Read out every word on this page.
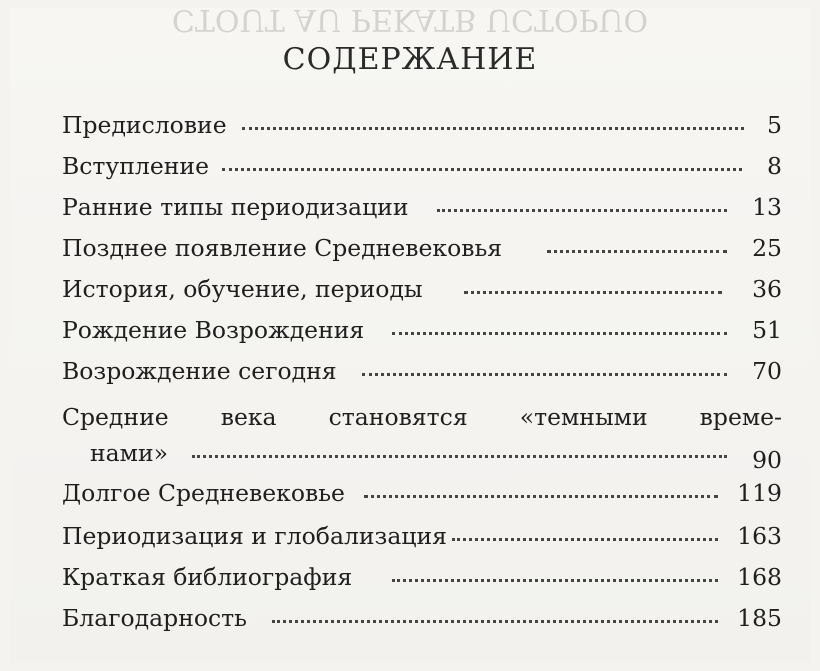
CTOUT AU PEKATB UCTOPUO
СОДЕРЖАНИЕ
Предисловие	5
Вступление	8
Ранние типы периодизации	13
Позднее появление Средневековья	25
История, обучение, периоды	36
Рождение Возрождения	51
Возрождение сегодня	70
Средние века становятся «темными време-
нами»	90
Долгое Средневековье	119
Периодизация и глобализация	163
Краткая библиография	168
Благодарность	185
